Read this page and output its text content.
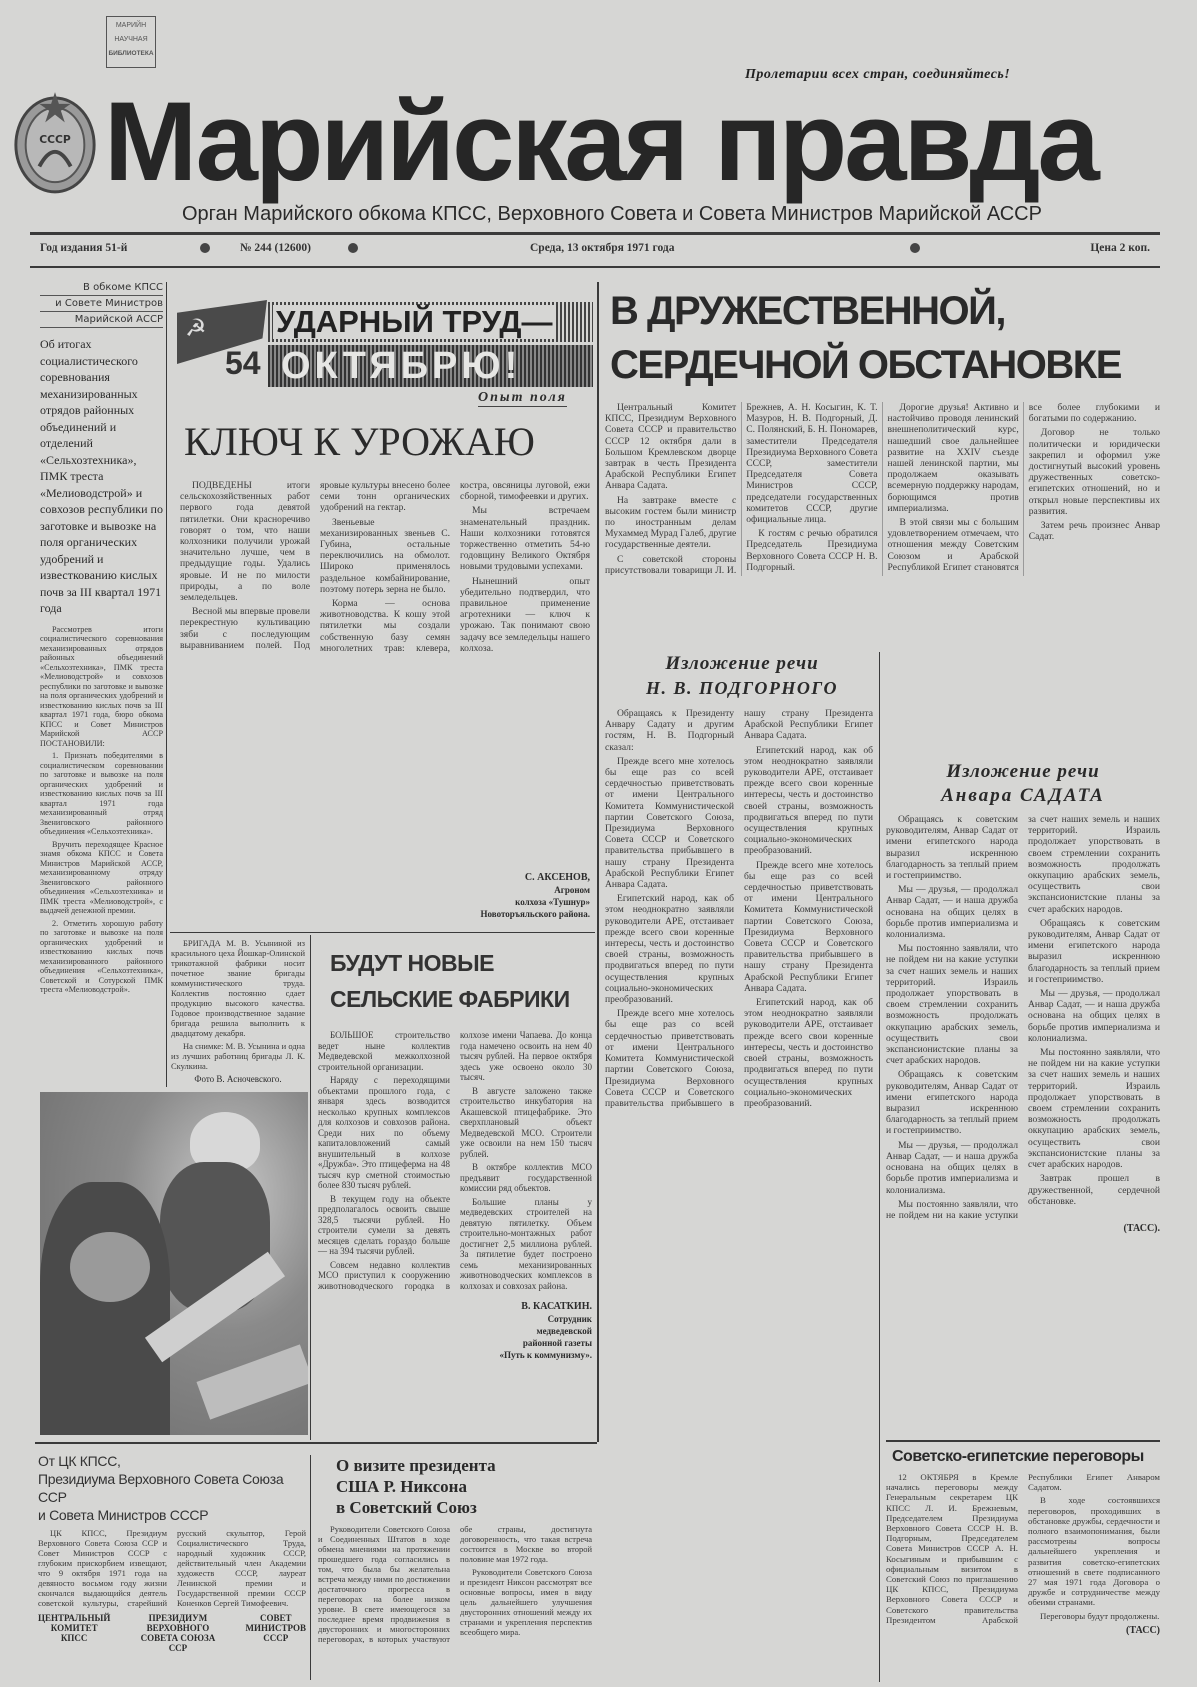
МАРИЙН
НАУЧНАЯ
БИБЛИОТЕКА
СССР
Пролетарии всех стран, соединяйтесь!
Марийская правда
Орган Марийского обкома КПСС, Верховного Совета и Совета Министров Марийской АССР
Год издания 51-й	№ 244 (12600)	Среда, 13 октября 1971 года	Цена 2 коп.
В обкоме КПСС
и Совете Министров
Марийской АССР
Об итогах социалистического соревнования механизированных отрядов районных объединений и отделений «Сельхозтехника», ПМК треста «Мелиоводстрой» и совхозов республики по заготовке и вывозке на поля органических удобрений и известкованию кислых почв за III квартал 1971 года

Рассмотрев итоги социалистического соревнования механизированных отрядов районных объединений «Сельхозтехника», ПМК треста «Мелиоводстрой» и совхозов республики по заготовке и вывозке на поля органических удобрений и известкованию кислых почв за III квартал 1971 года, бюро обкома КПСС и Совет Министров Марийской АССР ПОСТАНОВИЛИ:

1. Признать победителями в социалистическом соревновании по заготовке и вывозке на поля органических удобрений и известкованию кислых почв за III квартал 1971 года механизированный отряд Звениговского районного объединения «Сельхозтехника».

Вручить переходящее Красное знамя обкома КПСС и Совета Министров Марийской АССР, механизированному отряду Звениговского районного объединения «Сельхозтехника» и ПМК треста «Мелиоводстрой», с выдачей денежной премии.

2. Отметить хорошую работу по заготовке и вывозке на поля органических удобрений и известкованию кислых почв механизированного районного объединения «Сельхозтехника», Советской и Сотурской ПМК треста «Мелиоводстрой».

☭
54
УДАРНЫЙ ТРУД—
ОКТЯБРЮ!
Опыт поля
КЛЮЧ К УРОЖАЮ

ПОДВЕДЕНЫ итоги сельскохозяйственных работ первого года девятой пятилетки. Они красноречиво говорят о том, что наши колхозники получили урожай значительно лучше, чем в предыдущие годы. Удались яровые. И не по милости природы, а по воле земледельцев.

Весной мы впервые провели перекрестную культивацию зяби с последующим выравниванием полей. Под яровые культуры внесено более семи тонн органических удобрений на гектар.

Звеньевые механизированных звеньев С. Губина, остальные переключились на обмолот. Широко применялось раздельное комбайнирование, поэтому потерь зерна не было.

Корма — основа животноводства. К кошу этой пятилетки мы создали собственную базу семян многолетних трав: клевера, костра, овсяницы луговой, ежи сборной, тимофеевки и других.

Мы встречаем знаменательный праздник. Наши колхозники готовятся торжественно отметить 54-ю годовщину Великого Октября новыми трудовыми успехами.

Нынешний опыт убедительно подтвердил, что правильное применение агротехники — ключ к урожаю. Так понимают свою задачу все земледельцы нашего колхоза.

С. АКСЕНОВ,
Агроном
колхоза «Тушнур»
Новоторъяльского района.

БРИГАДА М. В. Усыниной из красильного цеха Йошкар-Олинской трикотажной фабрики носит почетное звание бригады коммунистического труда. Коллектив постоянно сдает продукцию высокого качества. Годовое производственное задание бригада решила выполнить к двадцатому декабря.

На снимке: М. В. Усынина и одна из лучших работниц бригады Л. К. Скулкина.

Фото В. Асночевского.
БУДУТ НОВЫЕ
СЕЛЬСКИЕ ФАБРИКИ

БОЛЬШОЕ строительство ведет ныне коллектив Медведевской межколхозной строительной организации.

Наряду с переходящими объектами прошлого года, с января здесь возводится несколько крупных комплексов для колхозов и совхозов района. Среди них по объему капиталовложений самый внушительный в колхозе «Дружба». Это птицеферма на 48 тысяч кур сметной стоимостью более 830 тысяч рублей.

В текущем году на объекте предполагалось освоить свыше 328,5 тысячи рублей. Но строители сумели за девять месяцев сделать гораздо больше — на 394 тысячи рублей.

Совсем недавно коллектив МСО приступил к сооружению животноводческого городка в колхозе имени Чапаева. До конца года намечено освоить на нем 40 тысяч рублей. На первое октября здесь уже освоено около 30 тысяч.

В августе заложено также строительство инкубатория на Акашевской птицефабрике. Это сверхплановый объект Медведевской МСО. Строители уже освоили на нем 150 тысяч рублей.

В октябре коллектив МСО предъявит государственной комиссии ряд объектов.

Большие планы у медведевских строителей на девятую пятилетку. Объем строительно-монтажных работ достигнет 2,5 миллиона рублей. За пятилетие будет построено семь механизированных животноводческих комплексов в колхозах и совхозах района.

В. КАСАТКИН.
Сотрудник
медведевской
районной газеты
«Путь к коммунизму».
От ЦК КПСС,
Президиума Верховного Совета Союза ССР
и Совета Министров СССР

ЦК КПСС, Президиум Верховного Совета Союза ССР и Совет Министров СССР с глубоким прискорбием извещают, что 9 октября 1971 года на девяносто восьмом году жизни скончался выдающийся деятель советской культуры, старейший русский скульптор, Герой Социалистического Труда, народный художник СССР, действительный член Академии художеств СССР, лауреат Ленинской премии и Государственной премии СССР Коненков Сергей Тимофеевич.

ЦЕНТРАЛЬНЫЙ
КОМИТЕТ
КПСС
ПРЕЗИДИУМ
ВЕРХОВНОГО
СОВЕТА СОЮЗА
ССР
СОВЕТ
МИНИСТРОВ
СССР
О визите президента
США Р. Никсона
в Советский Союз

Руководители Советского Союза и Соединенных Штатов в ходе обмена мнениями на протяжении прошедшего года согласились в том, что была бы желательна встреча между ними по достижении достаточного прогресса в переговорах на более низком уровне. В свете имеющегося за последнее время продвижения в двусторонних и многосторонних переговорах, в которых участвуют обе страны, достигнута договоренность, что такая встреча состоится в Москве во второй половине мая 1972 года.

Руководители Советского Союза и президент Никсон рассмотрят все основные вопросы, имея в виду цель дальнейшего улучшения двусторонних отношений между их странами и укрепления перспектив всеобщего мира.

В ДРУЖЕСТВЕННОЙ,
СЕРДЕЧНОЙ ОБСТАНОВКЕ

Центральный Комитет КПСС, Президиум Верховного Совета СССР и правительство СССР 12 октября дали в Большом Кремлевском дворце завтрак в честь Президента Арабской Республики Египет Анвара Садата.

На завтраке вместе с высоким гостем были министр по иностранным делам Мухаммед Мурад Галеб, другие государственные деятели.

С советской стороны присутствовали товарищи Л. И. Брежнев, А. Н. Косыгин, К. Т. Мазуров, Н. В. Подгорный, Д. С. Полянский, Б. Н. Пономарев, заместители Председателя Президиума Верховного Совета СССР, заместители Председателя Совета Министров СССР, председатели государственных комитетов СССР, другие официальные лица.

К гостям с речью обратился Председатель Президиума Верховного Совета СССР Н. В. Подгорный.

Дорогие друзья! Активно и настойчиво проводя ленинский внешнеполитический курс, нашедший свое дальнейшее развитие на XXIV съезде нашей ленинской партии, мы продолжаем оказывать всемерную поддержку народам, борющимся против империализма.

В этой связи мы с большим удовлетворением отмечаем, что отношения между Советским Союзом и Арабской Республикой Египет становятся все более глубокими и богатыми по содержанию.

Договор не только политически и юридически закрепил и оформил уже достигнутый высокий уровень дружественных советско-египетских отношений, но и открыл новые перспективы их развития.

Затем речь произнес Анвар Садат.

Изложение речи
Н. В. ПОДГОРНОГО

Обращаясь к Президенту Анвару Садату и другим гостям, Н. В. Подгорный сказал:

Прежде всего мне хотелось бы еще раз со всей сердечностью приветствовать от имени Центрального Комитета Коммунистической партии Советского Союза, Президиума Верховного Совета СССР и Советского правительства прибывшего в нашу страну Президента Арабской Республики Египет Анвара Садата.

Египетский народ, как об этом неоднократно заявляли руководители АРЕ, отстаивает прежде всего свои коренные интересы, честь и достоинство своей страны, возможность продвигаться вперед по пути осуществления крупных социально-экономических преобразований.

Прежде всего мне хотелось бы еще раз со всей сердечностью приветствовать от имени Центрального Комитета Коммунистической партии Советского Союза, Президиума Верховного Совета СССР и Советского правительства прибывшего в нашу страну Президента Арабской Республики Египет Анвара Садата.

Египетский народ, как об этом неоднократно заявляли руководители АРЕ, отстаивает прежде всего свои коренные интересы, честь и достоинство своей страны, возможность продвигаться вперед по пути осуществления крупных социально-экономических преобразований.

Прежде всего мне хотелось бы еще раз со всей сердечностью приветствовать от имени Центрального Комитета Коммунистической партии Советского Союза, Президиума Верховного Совета СССР и Советского правительства прибывшего в нашу страну Президента Арабской Республики Египет Анвара Садата.

Египетский народ, как об этом неоднократно заявляли руководители АРЕ, отстаивает прежде всего свои коренные интересы, честь и достоинство своей страны, возможность продвигаться вперед по пути осуществления крупных социально-экономических преобразований.

Изложение речи
Анвара САДАТА

Обращаясь к советским руководителям, Анвар Садат от имени египетского народа выразил искреннюю благодарность за теплый прием и гостеприимство.

Мы — друзья, — продолжал Анвар Садат, — и наша дружба основана на общих целях в борьбе против империализма и колониализма.

Мы постоянно заявляли, что не пойдем ни на какие уступки за счет наших земель и наших территорий. Израиль продолжает упорствовать в своем стремлении сохранить возможность продолжать оккупацию арабских земель, осуществить свои экспансионистские планы за счет арабских народов.

Обращаясь к советским руководителям, Анвар Садат от имени египетского народа выразил искреннюю благодарность за теплый прием и гостеприимство.

Мы — друзья, — продолжал Анвар Садат, — и наша дружба основана на общих целях в борьбе против империализма и колониализма.

Мы постоянно заявляли, что не пойдем ни на какие уступки за счет наших земель и наших территорий. Израиль продолжает упорствовать в своем стремлении сохранить возможность продолжать оккупацию арабских земель, осуществить свои экспансионистские планы за счет арабских народов.

Обращаясь к советским руководителям, Анвар Садат от имени египетского народа выразил искреннюю благодарность за теплый прием и гостеприимство.

Мы — друзья, — продолжал Анвар Садат, — и наша дружба основана на общих целях в борьбе против империализма и колониализма.

Мы постоянно заявляли, что не пойдем ни на какие уступки за счет наших земель и наших территорий. Израиль продолжает упорствовать в своем стремлении сохранить возможность продолжать оккупацию арабских земель, осуществить свои экспансионистские планы за счет арабских народов.

Завтрак прошел в дружественной, сердечной обстановке.

(ТАСС).
Советско-египетские переговоры

12 ОКТЯБРЯ в Кремле начались переговоры между Генеральным секретарем ЦК КПСС Л. И. Брежневым, Председателем Президиума Верховного Совета СССР Н. В. Подгорным, Председателем Совета Министров СССР А. Н. Косыгиным и прибывшим с официальным визитом в Советский Союз по приглашению ЦК КПСС, Президиума Верховного Совета СССР и Советского правительства Президентом Арабской Республики Египет Анваром Садатом.

В ходе состоявшихся переговоров, проходивших в обстановке дружбы, сердечности и полного взаимопонимания, были рассмотрены вопросы дальнейшего укрепления и развития советско-египетских отношений в свете подписанного 27 мая 1971 года Договора о дружбе и сотрудничестве между обеими странами.

Переговоры будут продолжены.

(ТАСС)
